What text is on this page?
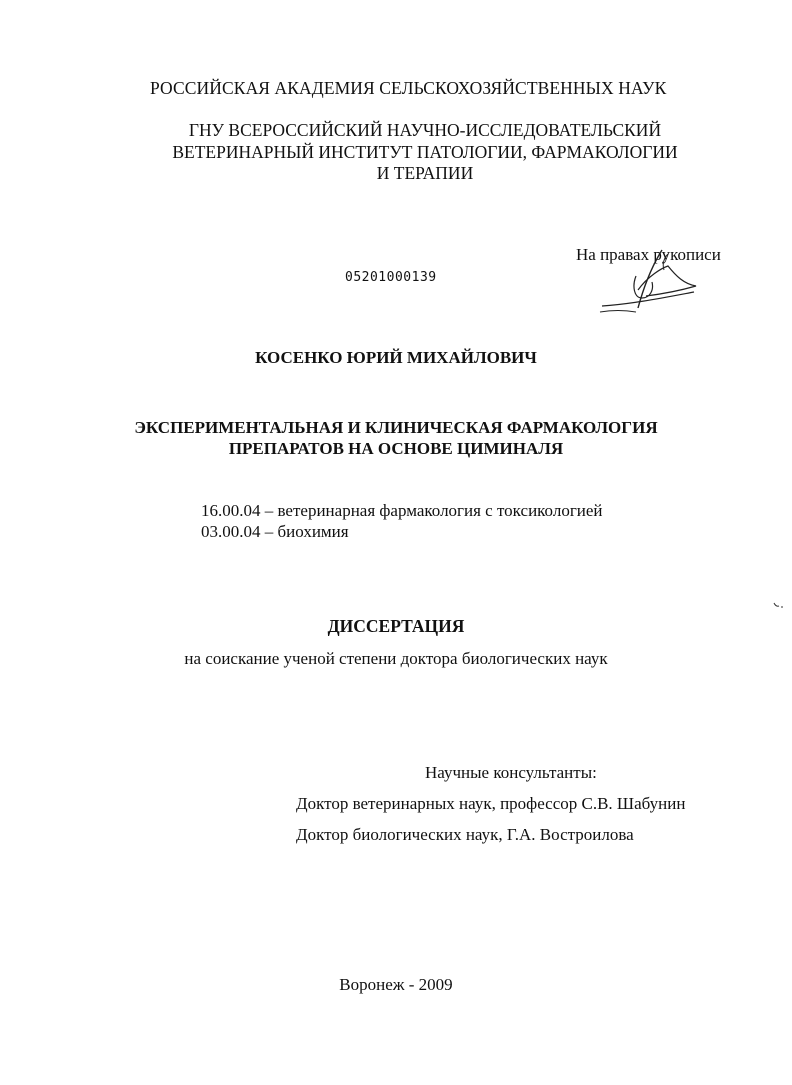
РОССИЙСКАЯ АКАДЕМИЯ СЕЛЬСКОХОЗЯЙСТВЕННЫХ НАУК
ГНУ ВСЕРОССИЙСКИЙ НАУЧНО-ИССЛЕДОВАТЕЛЬСКИЙ
ВЕТЕРИНАРНЫЙ ИНСТИТУТ ПАТОЛОГИИ, ФАРМАКОЛОГИИ
И ТЕРАПИИ
На правах рукописи
05201000139
КОСЕНКО ЮРИЙ МИХАЙЛОВИЧ
ЭКСПЕРИМЕНТАЛЬНАЯ И КЛИНИЧЕСКАЯ ФАРМАКОЛОГИЯ
ПРЕПАРАТОВ НА ОСНОВЕ ЦИМИНАЛЯ
16.00.04 – ветеринарная фармакология с токсикологией
03.00.04 – биохимия
ДИССЕРТАЦИЯ
на соискание ученой степени доктора биологических наук
Научные консультанты:
Доктор ветеринарных наук, профессор С.В. Шабунин
Доктор биологических наук, Г.А. Востроилова
Воронеж - 2009
